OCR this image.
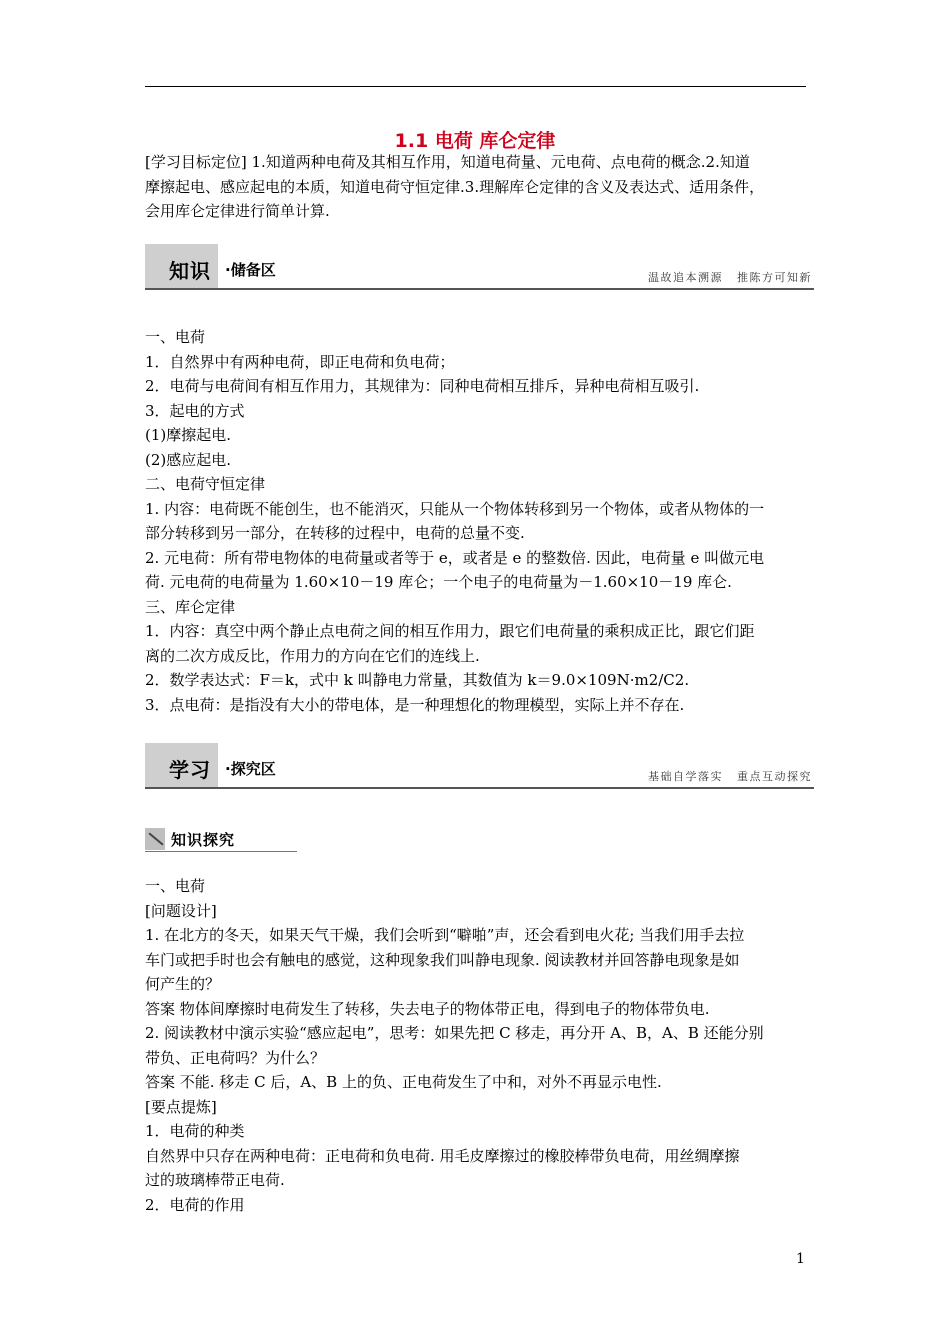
1.1 电荷 库仑定律
[学习目标定位] 1.知道两种电荷及其相互作用，知道电荷量、元电荷、点电荷的概念.2.知道
摩擦起电、感应起电的本质，知道电荷守恒定律.3.理解库仑定律的含义及表达式、适用条件，
会用库仑定律进行简单计算.
知识 ·储备区	温故追本溯源 推陈方可知新
一、电荷
1．自然界中有两种电荷，即正电荷和负电荷；
2．电荷与电荷间有相互作用力，其规律为：同种电荷相互排斥，异种电荷相互吸引.
3．起电的方式
(1)摩擦起电.
(2)感应起电.
二、电荷守恒定律
1. 内容：电荷既不能创生，也不能消灭，只能从一个物体转移到另一个物体，或者从物体的一
部分转移到另一部分，在转移的过程中，电荷的总量不变.
2. 元电荷：所有带电物体的电荷量或者等于 e，或者是 e 的整数倍. 因此，电荷量 e 叫做元电
荷. 元电荷的电荷量为 1.60×10－19 库仑；一个电子的电荷量为－1.60×10－19 库仑.
三、库仑定律
1．内容：真空中两个静止点电荷之间的相互作用力，跟它们电荷量的乘积成正比，跟它们距
离的二次方成反比，作用力的方向在它们的连线上.
2．数学表达式：F＝k，式中 k 叫静电力常量，其数值为 k＝9.0×109N·m2/C2.
3．点电荷：是指没有大小的带电体，是一种理想化的物理模型，实际上并不存在.
学习 ·探究区	基础自学落实 重点互动探究
知识探究
一、电荷
[问题设计]
1. 在北方的冬天，如果天气干燥，我们会听到“噼啪”声，还会看到电火花; 当我们用手去拉
车门或把手时也会有触电的感觉，这种现象我们叫静电现象. 阅读教材并回答静电现象是如
何产生的？
答案 物体间摩擦时电荷发生了转移，失去电子的物体带正电，得到电子的物体带负电.
2. 阅读教材中演示实验“感应起电”，思考：如果先把 C 移走，再分开 A、B，A、B 还能分别
带负、正电荷吗？为什么？
答案 不能. 移走 C 后，A、B 上的负、正电荷发生了中和，对外不再显示电性.
[要点提炼]
1．电荷的种类
自然界中只存在两种电荷：正电荷和负电荷. 用毛皮摩擦过的橡胶棒带负电荷，用丝绸摩擦
过的玻璃棒带正电荷.
2．电荷的作用
1
